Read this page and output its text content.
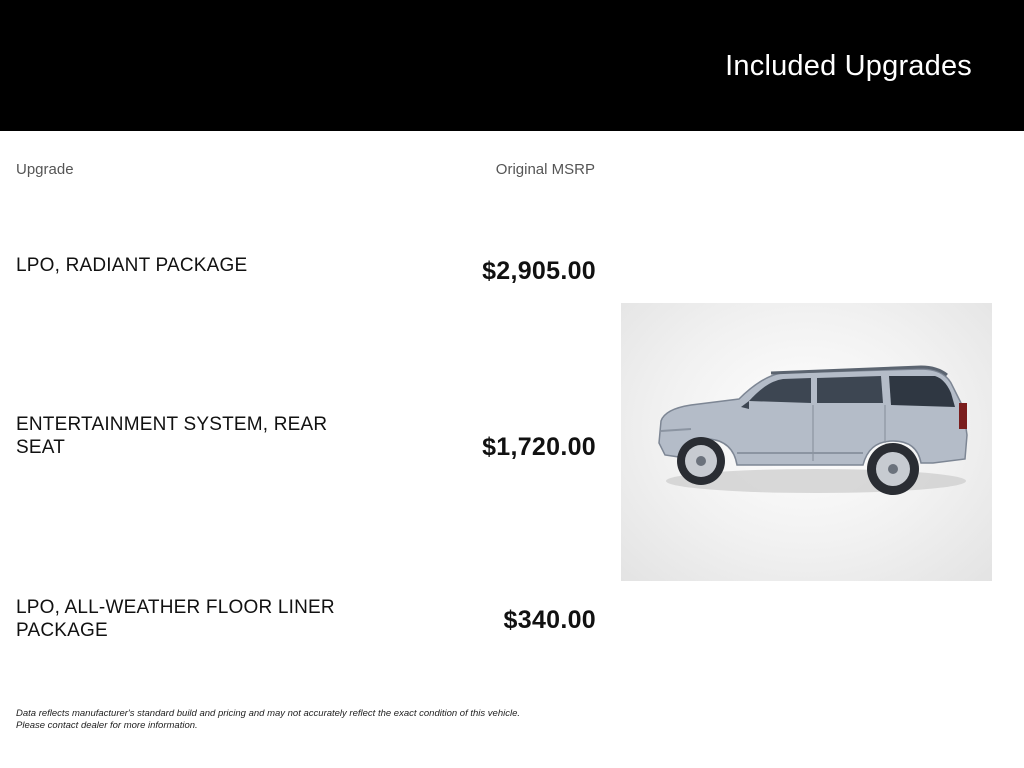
Included Upgrades
Upgrade	Original MSRP
LPO, RADIANT PACKAGE	$2,905.00
ENTERTAINMENT SYSTEM, REAR SEAT	$1,720.00
LPO, ALL-WEATHER FLOOR LINER PACKAGE	$340.00
Data reflects manufacturer's standard build and pricing and may not accurately reflect the exact condition of this vehicle.
Please contact dealer for more information.
